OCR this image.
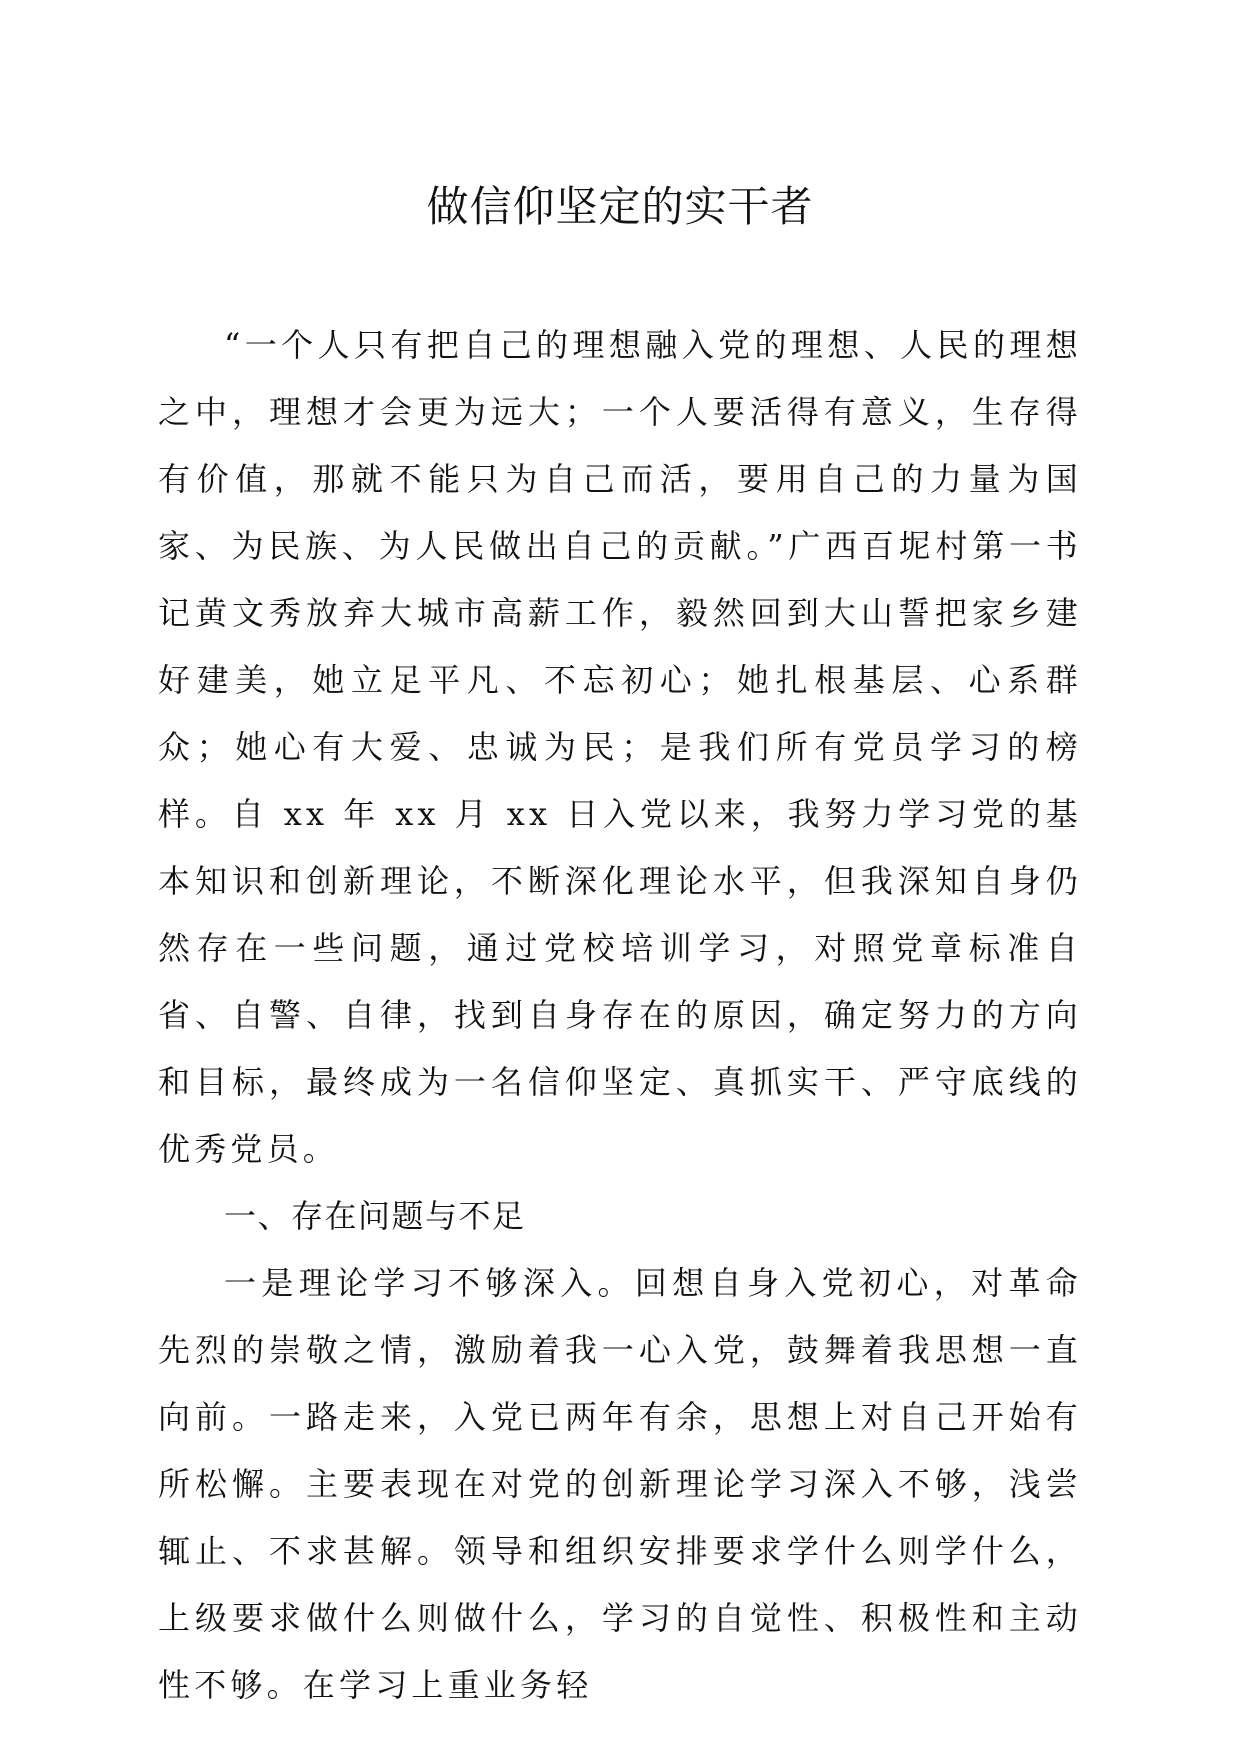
做信仰坚定的实干者

“一个人只有把自己的理想融入党的理想、人民的理想之中，理想才会更为远大；一个人要活得有意义，生存得有价值，那就不能只为自己而活，要用自己的力量为国家、为民族、为人民做出自己的贡献。”广西百坭村第一书记黄文秀放弃大城市高薪工作，毅然回到大山誓把家乡建好建美，她立足平凡、不忘初心；她扎根基层、心系群众；她心有大爱、忠诚为民；是我们所有党员学习的榜样。自 xx 年 xx 月 xx 日入党以来，我努力学习党的基本知识和创新理论，不断深化理论水平，但我深知自身仍然存在一些问题，通过党校培训学习，对照党章标准自省、自警、自律，找到自身存在的原因，确定努力的方向和目标，最终成为一名信仰坚定、真抓实干、严守底线的优秀党员。

一、存在问题与不足

一是理论学习不够深入。回想自身入党初心，对革命先烈的崇敬之情，激励着我一心入党，鼓舞着我思想一直向前。一路走来，入党已两年有余，思想上对自己开始有所松懈。主要表现在对党的创新理论学习深入不够，浅尝辄止、不求甚解。领导和组织安排要求学什么则学什么，上级要求做什么则做什么，学习的自觉性、积极性和主动性不够。在学习上重业务轻
